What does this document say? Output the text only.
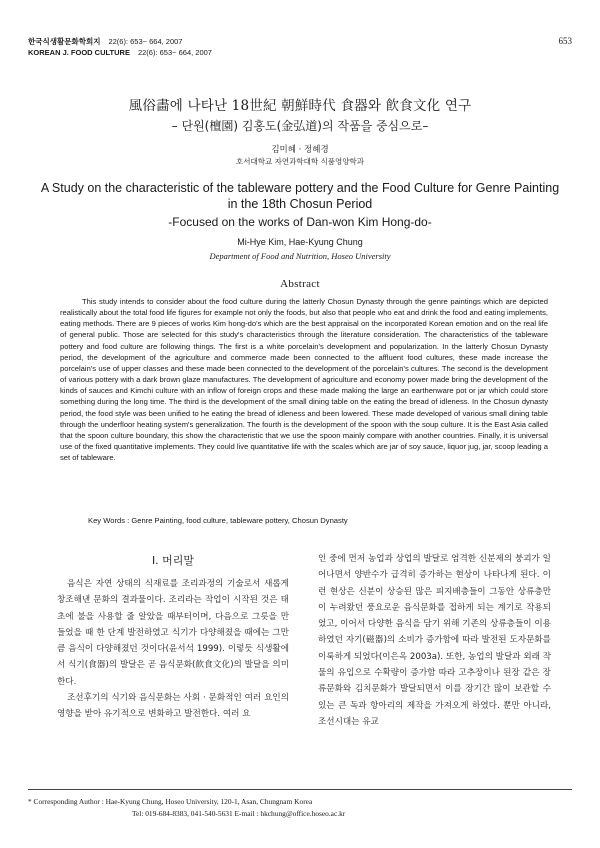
한국식생활문화학회지 22(6): 653~ 664, 2007
KOREAN J. FOOD CULTURE 22(6): 653~ 664, 2007
653
風俗畵에 나타난 18世紀 朝鮮時代 食器와 飮食文化 연구
– 단원(檀園) 김홍도(金弘道)의 작품을 중심으로–
김미혜 · 정혜경
호서대학교 자연과학대학 식품영양학과
A Study on the characteristic of the tableware pottery and the Food Culture for Genre Painting in the 18th Chosun Period
-Focused on the works of Dan-won Kim Hong-do-
Mi-Hye Kim, Hae-Kyung Chung
Department of Food and Nutrition, Hoseo University
Abstract

This study intends to consider about the food culture during the latterly Chosun Dynasty through the genre paintings which are depicted realistically about the total food life figures for example not only the foods, but also that people who eat and drink the food and eating implements, eating methods. There are 9 pieces of works Kim hong-do's which are the best appraisal on the incorporated Korean emotion and on the real life of general public. Those are selected for this study's characteristics through the literature consideration. The characteristics of the tableware pottery and food culture are following things. The first is a white porcelain's development and popularization. In the latterly Chosun Dynasty period, the development of the agriculture and commerce made been connected to the affluent food cultures, these made increase the porcelain's use of upper classes and these made been connected to the development of the porcelain's cultures. The second is the development of various pottery with a dark brown glaze manufactures. The development of agriculture and economy power made bring the development of the kinds of sauces and Kimchi culture with an inflow of foreign crops and these made making the large an earthenware pot or jar which could store something during the long time. The third is the development of the small dining table on the eating the bread of idleness. In the Chosun dynasty period, the food style was been unified to he eating the bread of idleness and been lowered. These made developed of various small dining table through the underfloor heating system's generalization. The fourth is the development of the spoon with the soup culture. It is the East Asia called that the spoon culture boundary, this show the characteristic that we use the spoon mainly compare with another countries. Finally, it is universal use of the fixed quantitative implements. They could live quantitative life with the scales which are jar of soy sauce, liquor jug, jar, scoop leading a set of tableware.

Key Words : Genre Painting, food culture, tableware pottery, Chosun Dynasty
Ⅰ. 머리말

음식은 자연 상태의 식재료를 조리과정의 기술로서 새롭게 창조해낸 문화의 결과물이다. 조리라는 작업이 시작된 것은 태초에 불을 사용할 줄 알았을 때부터이며, 다음으로 그릇을 만들었을 때 한 단계 발전하였고 식기가 다양해졌을 때에는 그만큼 음식이 다양해졌던 것이다(윤서석 1999). 이렇듯 식생활에서 식기(食器)의 발달은 곧 음식문화(飮食文化)의 발달을 의미한다.

조선후기의 식기와 음식문화는 사회 · 문화적인 여러 요인의 영향을 받아 유기적으로 변화하고 발전한다. 여러 요

인 중에 먼저 농업과 상업의 발달로 엄격한 신분제의 붕괴가 일어나면서 양반수가 급격히 증가하는 현상이 나타나게 된다. 이런 현상은 신분이 상승된 많은 피지배층들이 그동안 상류층만이 누려왔던 풍요로운 음식문화를 접하게 되는 계기로 작용되었고, 이어서 다양한 음식을 담기 위해 기존의 상류층들이 이용하였던 자기(磁器)의 소비가 증가함에 따라 발전된 도자문화를 이룩하게 되었다(이은옥 2003a). 또한, 농업의 발달과 외래 작물의 유입으로 수확량이 증가함 따라 고추장이나 된장 같은 장류문화와 김치문화가 발달되면서 이를 장기간 많이 보관할 수 있는 큰 독과 항아리의 제작을 가져오게 하였다. 뿐만 아니라, 조선시대는 유교

* Corresponding Author : Hae-Kyung Chung, Hoseo University, 120-1, Asan, Chungnam Korea
Tel: 019-684-8383, 041-540-5631 E-mail : hkchung@office.hoseo.ac.kr
